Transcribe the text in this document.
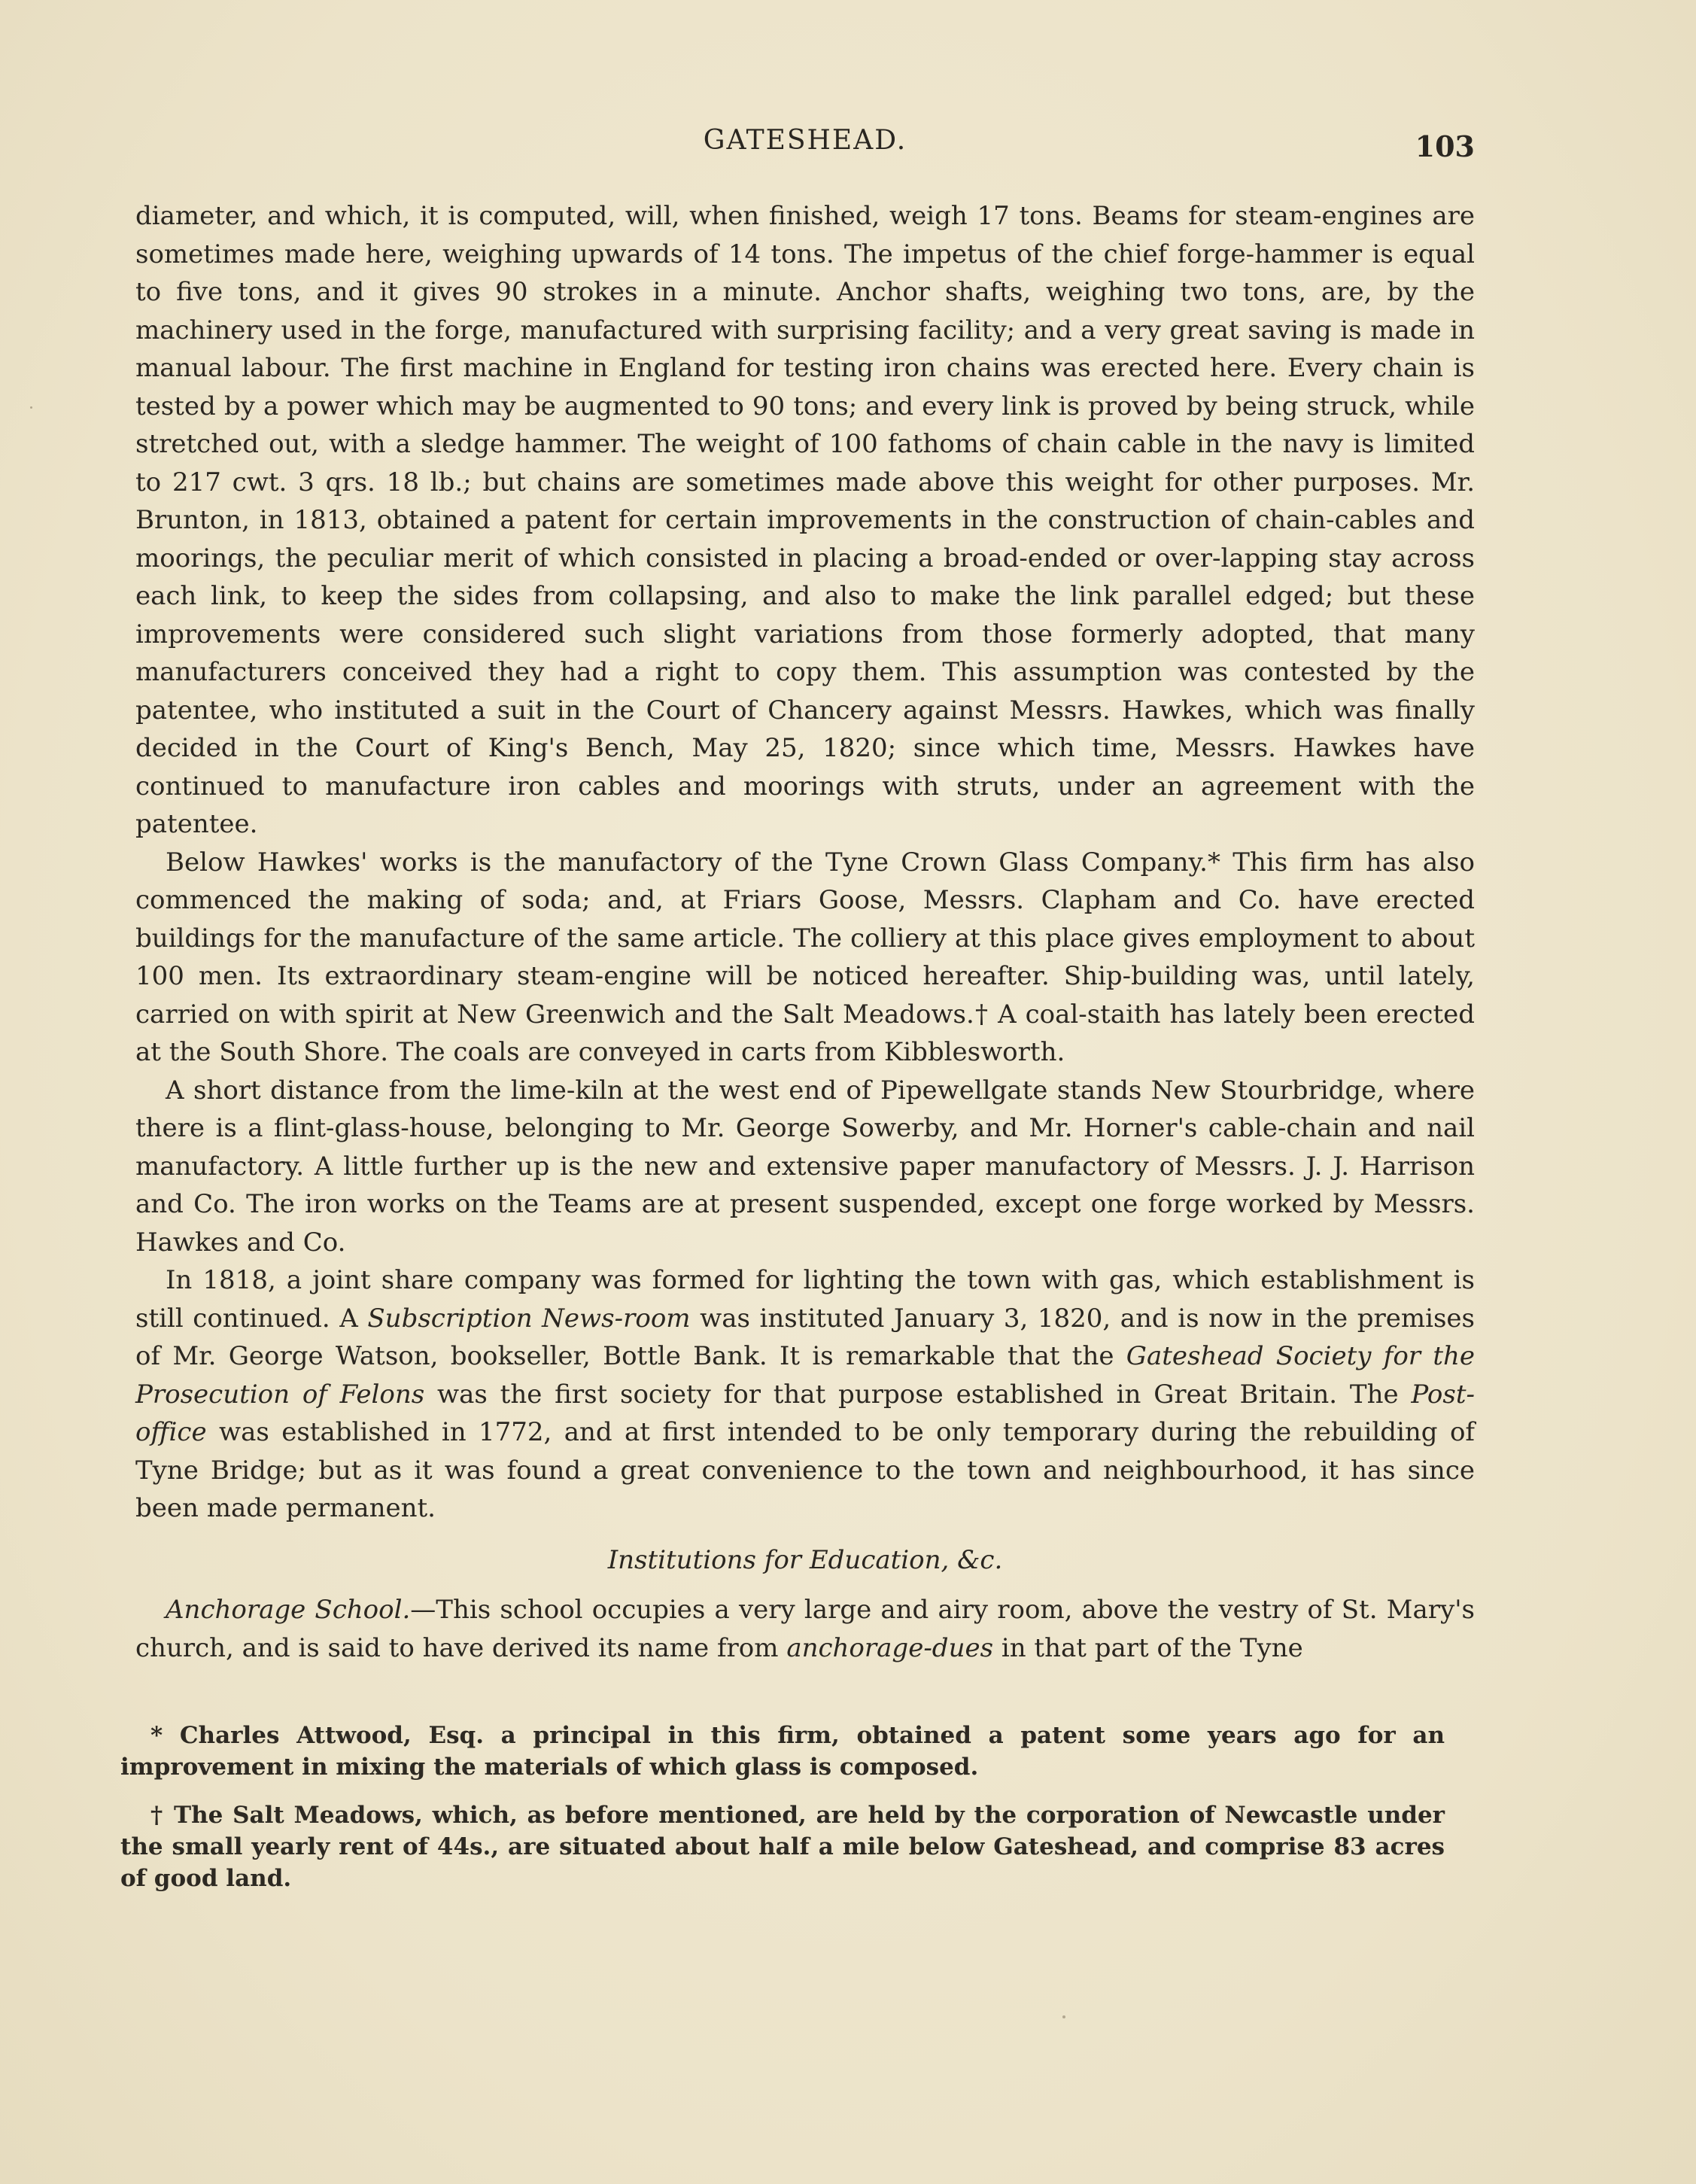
GATESHEAD.	103

diameter, and which, it is computed, will, when finished, weigh 17 tons. Beams for steam-engines are sometimes made here, weighing upwards of 14 tons. The impetus of the chief forge-hammer is equal to five tons, and it gives 90 strokes in a minute. Anchor shafts, weighing two tons, are, by the machinery used in the forge, manufactured with surprising facility; and a very great saving is made in manual labour. The first machine in England for testing iron chains was erected here. Every chain is tested by a power which may be augmented to 90 tons; and every link is proved by being struck, while stretched out, with a sledge hammer. The weight of 100 fathoms of chain cable in the navy is limited to 217 cwt. 3 qrs. 18 lb.; but chains are sometimes made above this weight for other purposes. Mr. Brunton, in 1813, obtained a patent for certain improvements in the construction of chain-cables and moorings, the peculiar merit of which consisted in placing a broad-ended or over-lapping stay across each link, to keep the sides from collapsing, and also to make the link parallel edged; but these improvements were considered such slight variations from those formerly adopted, that many manufacturers conceived they had a right to copy them. This assumption was contested by the patentee, who instituted a suit in the Court of Chancery against Messrs. Hawkes, which was finally decided in the Court of King's Bench, May 25, 1820; since which time, Messrs. Hawkes have continued to manufacture iron cables and moorings with struts, under an agreement with the patentee.

Below Hawkes' works is the manufactory of the Tyne Crown Glass Company.* This firm has also commenced the making of soda; and, at Friars Goose, Messrs. Clapham and Co. have erected buildings for the manufacture of the same article. The colliery at this place gives employment to about 100 men. Its extraordinary steam-engine will be noticed hereafter. Ship-building was, until lately, carried on with spirit at New Greenwich and the Salt Meadows.† A coal-staith has lately been erected at the South Shore. The coals are conveyed in carts from Kibblesworth.

A short distance from the lime-kiln at the west end of Pipewellgate stands New Stourbridge, where there is a flint-glass-house, belonging to Mr. George Sowerby, and Mr. Horner's cable-chain and nail manufactory. A little further up is the new and extensive paper manufactory of Messrs. J. J. Harrison and Co. The iron works on the Teams are at present suspended, except one forge worked by Messrs. Hawkes and Co.

In 1818, a joint share company was formed for lighting the town with gas, which establishment is still continued. A Subscription News-room was instituted January 3, 1820, and is now in the premises of Mr. George Watson, bookseller, Bottle Bank. It is remarkable that the Gateshead Society for the Prosecution of Felons was the first society for that purpose established in Great Britain. The Post-office was established in 1772, and at first intended to be only temporary during the rebuilding of Tyne Bridge; but as it was found a great convenience to the town and neighbourhood, it has since been made permanent.

Institutions for Education, &c.

Anchorage School.—This school occupies a very large and airy room, above the vestry of St. Mary's church, and is said to have derived its name from anchorage-dues in that part of the Tyne

* Charles Attwood, Esq. a principal in this firm, obtained a patent some years ago for an improvement in mixing the materials of which glass is composed.

† The Salt Meadows, which, as before mentioned, are held by the corporation of Newcastle under the small yearly rent of 44s., are situated about half a mile below Gateshead, and comprise 83 acres of good land.
